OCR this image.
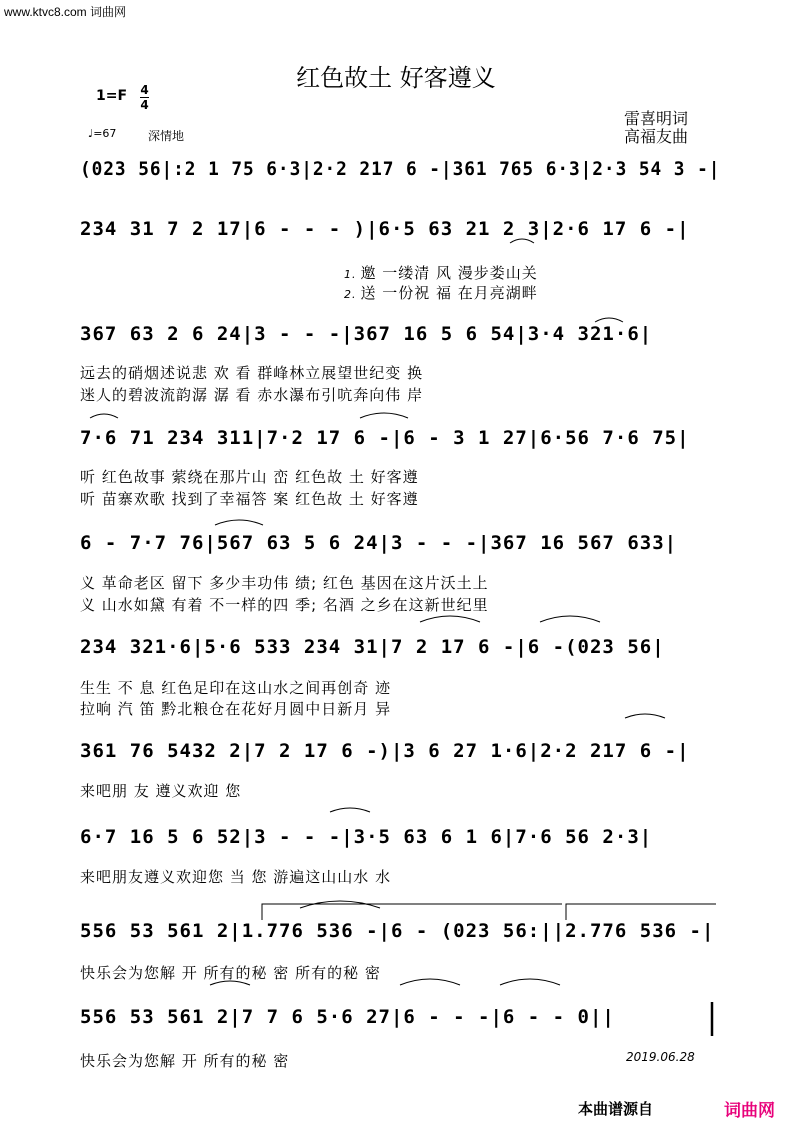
www.ktvc8.com 词曲网
红色故土 好客遵义
1=F 4
4
♩=67	深情地
雷喜明词
高福友曲
(023 56|:2 1 75 6·3|2·2 217 6 -|361 765 6·3|2·3 54 3 -|
234 31 7 2 17|6 - - - )|6·5 63 21 2 3|2·6 17 6 -|
1. 邀 一缕清 风 漫步娄山关
2. 送 一份祝 福 在月亮湖畔
367 63 2 6 24|3 - - -|367 16 5 6 54|3·4 321·6|
远去的硝烟述说悲 欢 看 群峰林立展望世纪变 换
迷人的碧波流韵潺 潺 看 赤水瀑布引吭奔向伟 岸
7·6 71 234 311|7·2 17 6 -|6 - 3 1 27|6·56 7·6 75|
听 红色故事 萦绕在那片山 峦 红色故 土 好客遵
听 苗寨欢歌 找到了幸福答 案 红色故 土 好客遵
6 - 7·7 76|567 63 5 6 24|3 - - -|367 16 567 633|
义 革命老区 留下 多少丰功伟 绩; 红色 基因在这片沃土上
义 山水如黛 有着 不一样的四 季; 名酒 之乡在这新世纪里
234 321·6|5·6 533 234 31|7 2 17 6 -|6 -(023 56|
生生 不 息 红色足印在这山水之间再创奇 迹
拉响 汽 笛 黔北粮仓在花好月圆中日新月 异
361 76 5432 2|7 2 17 6 -)|3 6 27 1·6|2·2 217 6 -|
来吧朋 友 遵义欢迎 您
6·7 16 5 6 52|3 - - -|3·5 63 6 1 6|7·6 56 2·3|
来吧朋友遵义欢迎您 当 您 游遍这山山水 水
556 53 561 2|1.776 536 -|6 - (023 56:||2.776 536 -|
快乐会为您解 开 所有的秘 密 所有的秘 密
556 53 561 2|7 7 6 5·6 27|6 - - -|6 - - 0||
快乐会为您解 开 所有的秘 密	2019.06.28
本曲谱源自	词曲网
